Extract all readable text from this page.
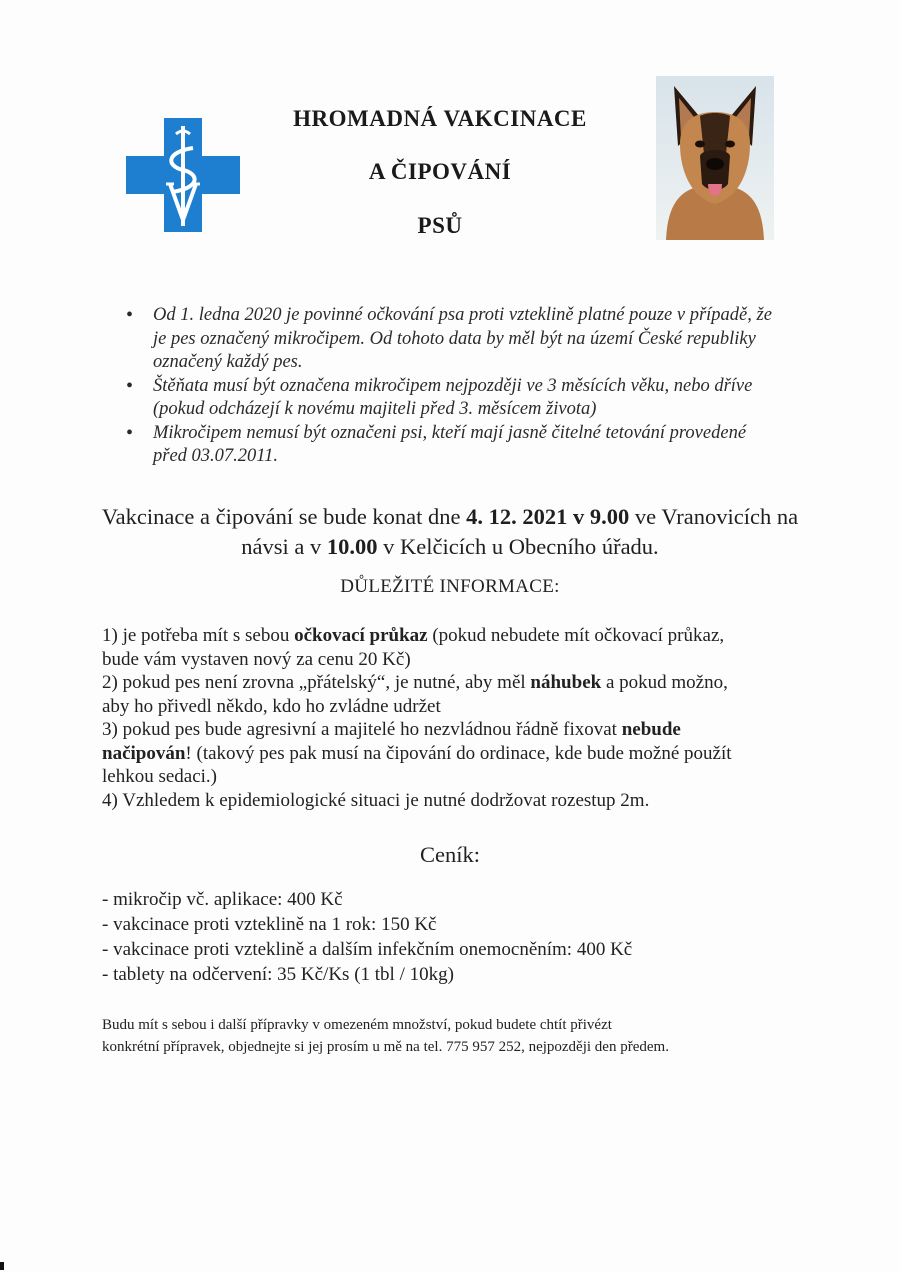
HROMADNÁ VAKCINACE
A ČIPOVÁNÍ
PSŮ
• Od 1. ledna 2020 je povinné očkování psa proti vzteklině platné pouze v případě, že je pes označený mikročipem. Od tohoto data by měl být na území České republiky označený každý pes.
• Štěňata musí být označena mikročipem nejpozději ve 3 měsících věku, nebo dříve (pokud odcházejí k novému majiteli před 3. měsícem života)
• Mikročipem nemusí být označeni psi, kteří mají jasně čitelné tetování provedené před 03.07.2011.
Vakcinace a čipování se bude konat dne 4. 12. 2021 v 9.00 ve Vranovicích na návsi a v 10.00 v Kelčicích u Obecního úřadu.
DŮLEŽITÉ INFORMACE:

1) je potřeba mít s sebou očkovací průkaz (pokud nebudete mít očkovací průkaz, bude vám vystaven nový za cenu 20 Kč)

2) pokud pes není zrovna „přátelský“, je nutné, aby měl náhubek a pokud možno, aby ho přivedl někdo, kdo ho zvládne udržet

3) pokud pes bude agresivní a majitelé ho nezvládnou řádně fixovat nebude načipován! (takový pes pak musí na čipování do ordinace, kde bude možné použít lehkou sedaci.)

4) Vzhledem k epidemiologické situaci je nutné dodržovat rozestup 2m.

Ceník:

- mikročip vč. aplikace: 400 Kč

- vakcinace proti vzteklině na 1 rok: 150 Kč

- vakcinace proti vzteklině a dalším infekčním onemocněním: 400 Kč

- tablety na odčervení: 35 Kč/Ks (1 tbl / 10kg)

Budu mít s sebou i další přípravky v omezeném množství, pokud budete chtít přivézt

konkrétní přípravek, objednejte si jej prosím u mě na tel. 775 957 252, nejpozději den předem.
